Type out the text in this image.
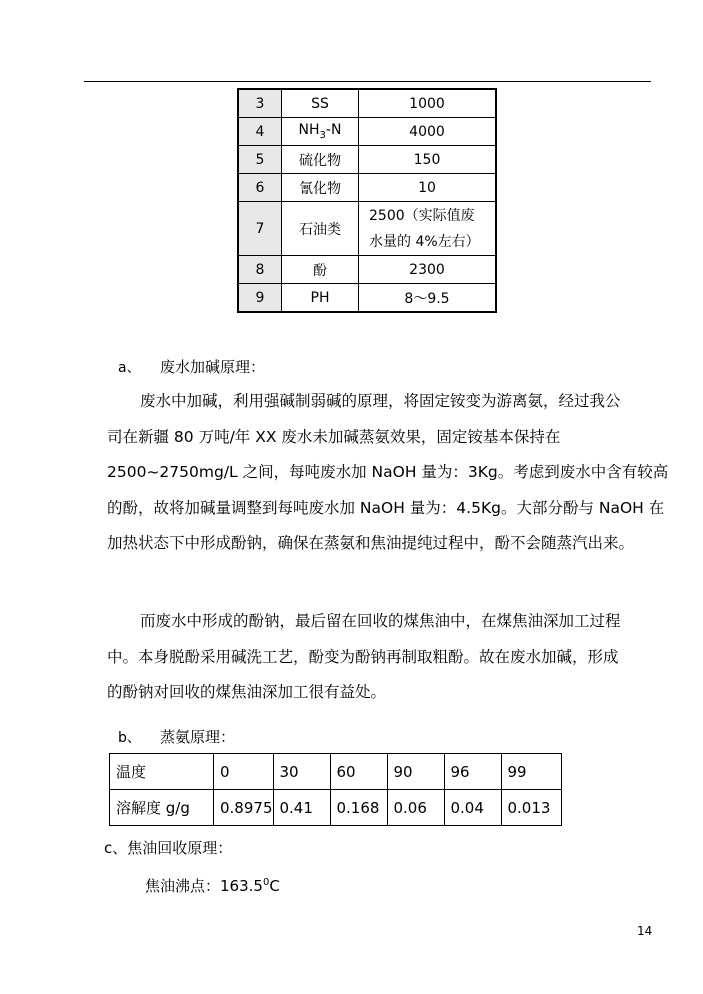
3	SS	1000
4	$NH_3-N$	4000
5	硫化物	150
6	氰化物	10
7	石油类	2500（实际值废
水量的 4%左右）

8	酚	2300
9	PH	8～9.5
a、 废水加碱原理：
废水中加碱，利用强碱制弱碱的原理，将固定铵变为游离氨，经过我公
司在新疆 80 万吨/年 XX 废水未加碱蒸氨效果，固定铵基本保持在
2500~2750mg/L 之间，每吨废水加 NaOH 量为：3Kg。考虑到废水中含有较高
的酚，故将加碱量调整到每吨废水加 NaOH 量为：4.5Kg。大部分酚与 NaOH 在
加热状态下中形成酚钠，确保在蒸氨和焦油提纯过程中，酚不会随蒸汽出来。
而废水中形成的酚钠，最后留在回收的煤焦油中，在煤焦油深加工过程
中。本身脱酚采用碱洗工艺，酚变为酚钠再制取粗酚。故在废水加碱，形成
的酚钠对回收的煤焦油深加工很有益处。
b、 蒸氨原理：
温度	0	30	60	90	96	99
溶解度 g/g	0.8975	0.41	0.168	0.06	0.04	0.013
c、焦油回收原理：
焦油沸点：163.5$^0$C
14
